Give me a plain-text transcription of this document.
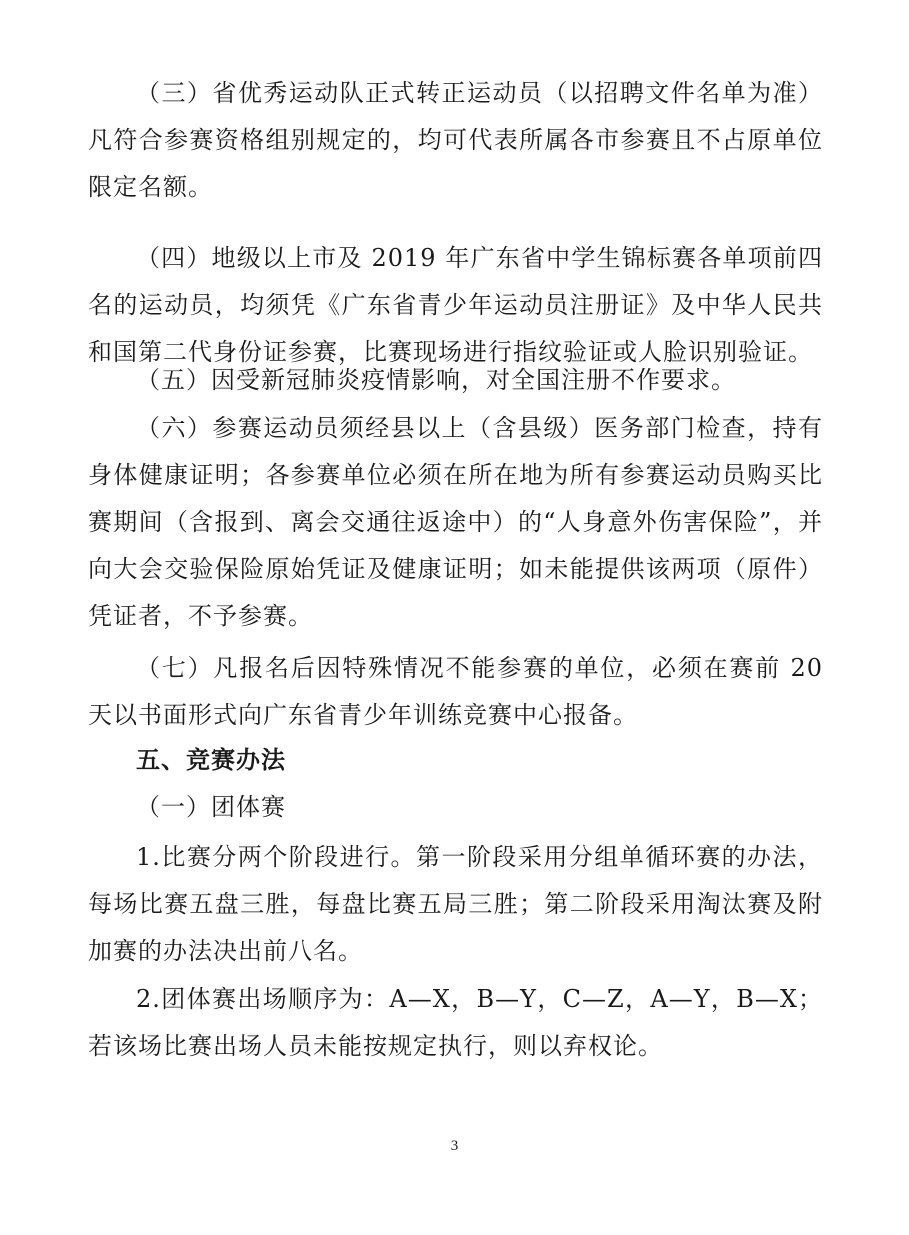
（三）省优秀运动队正式转正运动员（以招聘文件名单为准）凡符合参赛资格组别规定的，均可代表所属各市参赛且不占原单位限定名额。

（四）地级以上市及 2019 年广东省中学生锦标赛各单项前四名的运动员，均须凭《广东省青少年运动员注册证》及中华人民共和国第二代身份证参赛，比赛现场进行指纹验证或人脸识别验证。

（五）因受新冠肺炎疫情影响，对全国注册不作要求。

（六）参赛运动员须经县以上（含县级）医务部门检查，持有身体健康证明；各参赛单位必须在所在地为所有参赛运动员购买比赛期间（含报到、离会交通往返途中）的“人身意外伤害保险”，并向大会交验保险原始凭证及健康证明；如未能提供该两项（原件）凭证者，不予参赛。

（七）凡报名后因特殊情况不能参赛的单位，必须在赛前 20 天以书面形式向广东省青少年训练竞赛中心报备。

五、竞赛办法
（一）团体赛

1.比赛分两个阶段进行。第一阶段采用分组单循环赛的办法，每场比赛五盘三胜，每盘比赛五局三胜；第二阶段采用淘汰赛及附加赛的办法决出前八名。

2.团体赛出场顺序为：A—X，B—Y，C—Z，A—Y，B—X；若该场比赛出场人员未能按规定执行，则以弃权论。

3
